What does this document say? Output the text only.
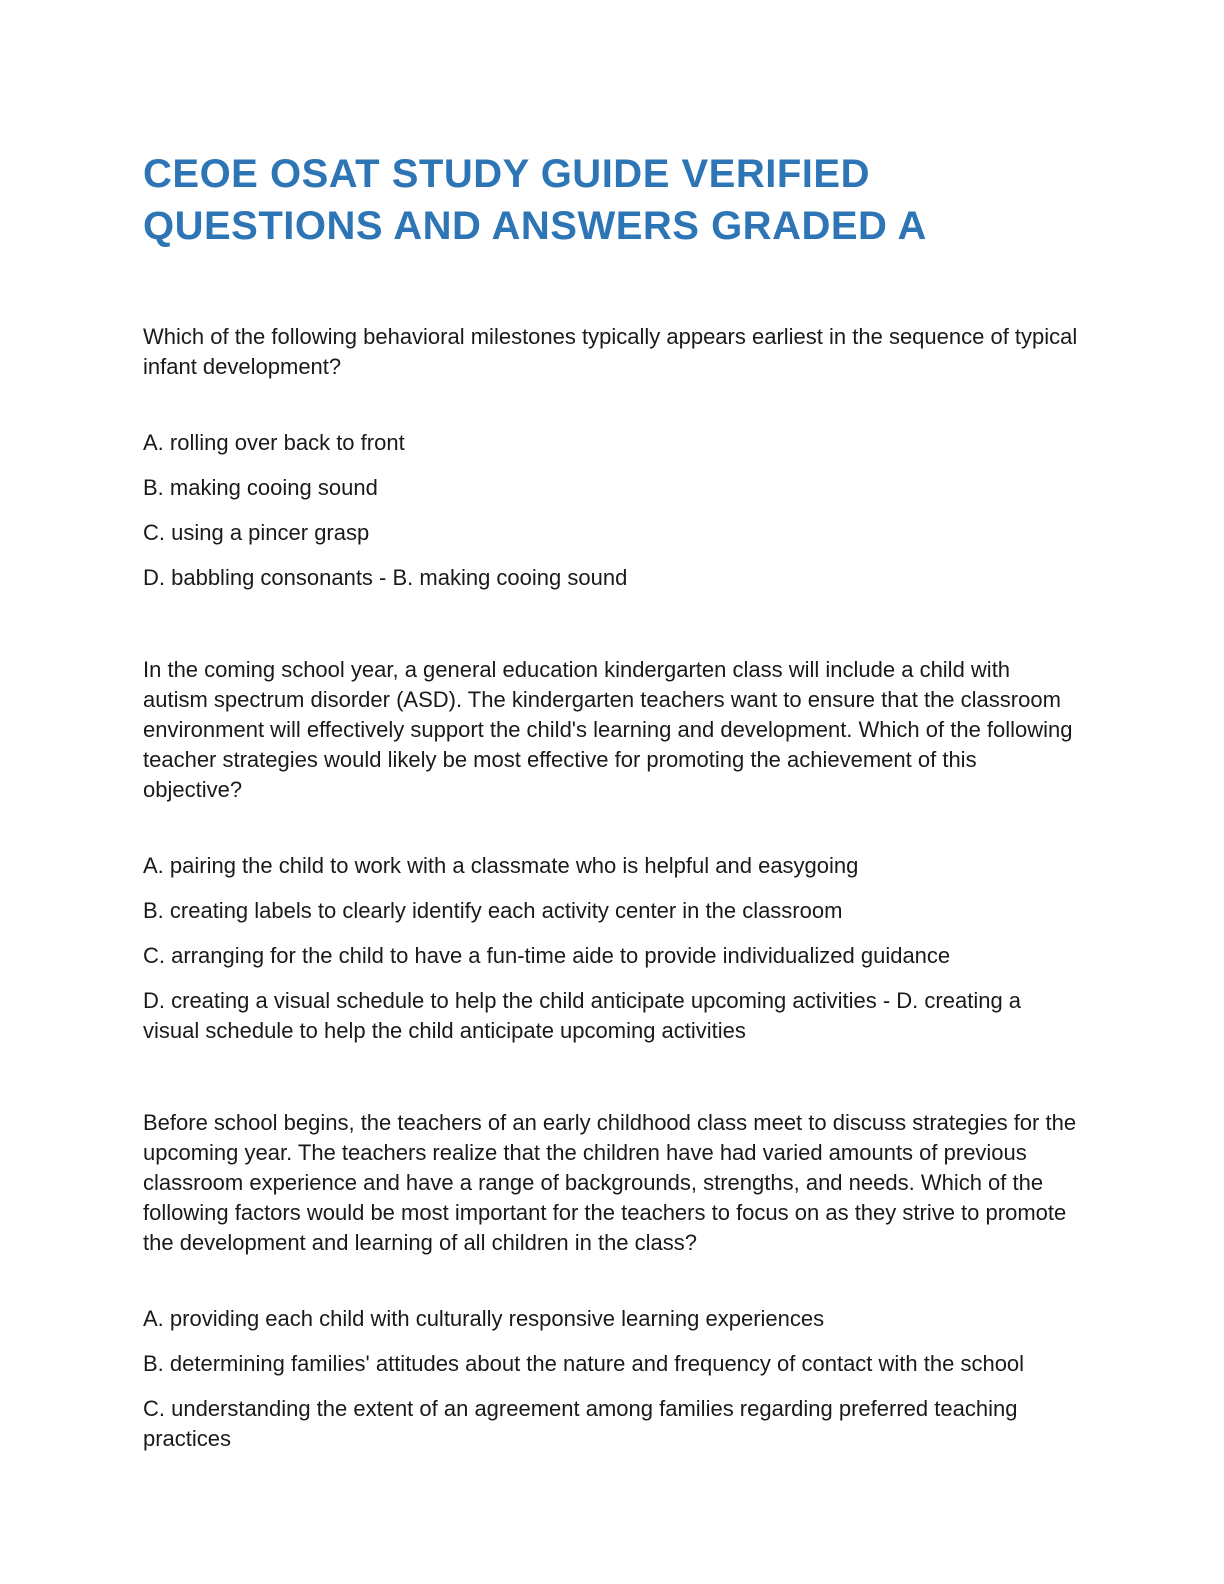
CEOE OSAT STUDY GUIDE VERIFIED QUESTIONS AND ANSWERS GRADED A

Which of the following behavioral milestones typically appears earliest in the sequence of typical infant development?

A. rolling over back to front

B. making cooing sound

C. using a pincer grasp

D. babbling consonants - B. making cooing sound

In the coming school year, a general education kindergarten class will include a child with autism spectrum disorder (ASD). The kindergarten teachers want to ensure that the classroom environment will effectively support the child's learning and development. Which of the following teacher strategies would likely be most effective for promoting the achievement of this objective?

A. pairing the child to work with a classmate who is helpful and easygoing

B. creating labels to clearly identify each activity center in the classroom

C. arranging for the child to have a fun-time aide to provide individualized guidance

D. creating a visual schedule to help the child anticipate upcoming activities - D. creating a visual schedule to help the child anticipate upcoming activities

Before school begins, the teachers of an early childhood class meet to discuss strategies for the upcoming year. The teachers realize that the children have had varied amounts of previous classroom experience and have a range of backgrounds, strengths, and needs. Which of the following factors would be most important for the teachers to focus on as they strive to promote the development and learning of all children in the class?

A. providing each child with culturally responsive learning experiences

B. determining families' attitudes about the nature and frequency of contact with the school

C. understanding the extent of an agreement among families regarding preferred teaching practices
